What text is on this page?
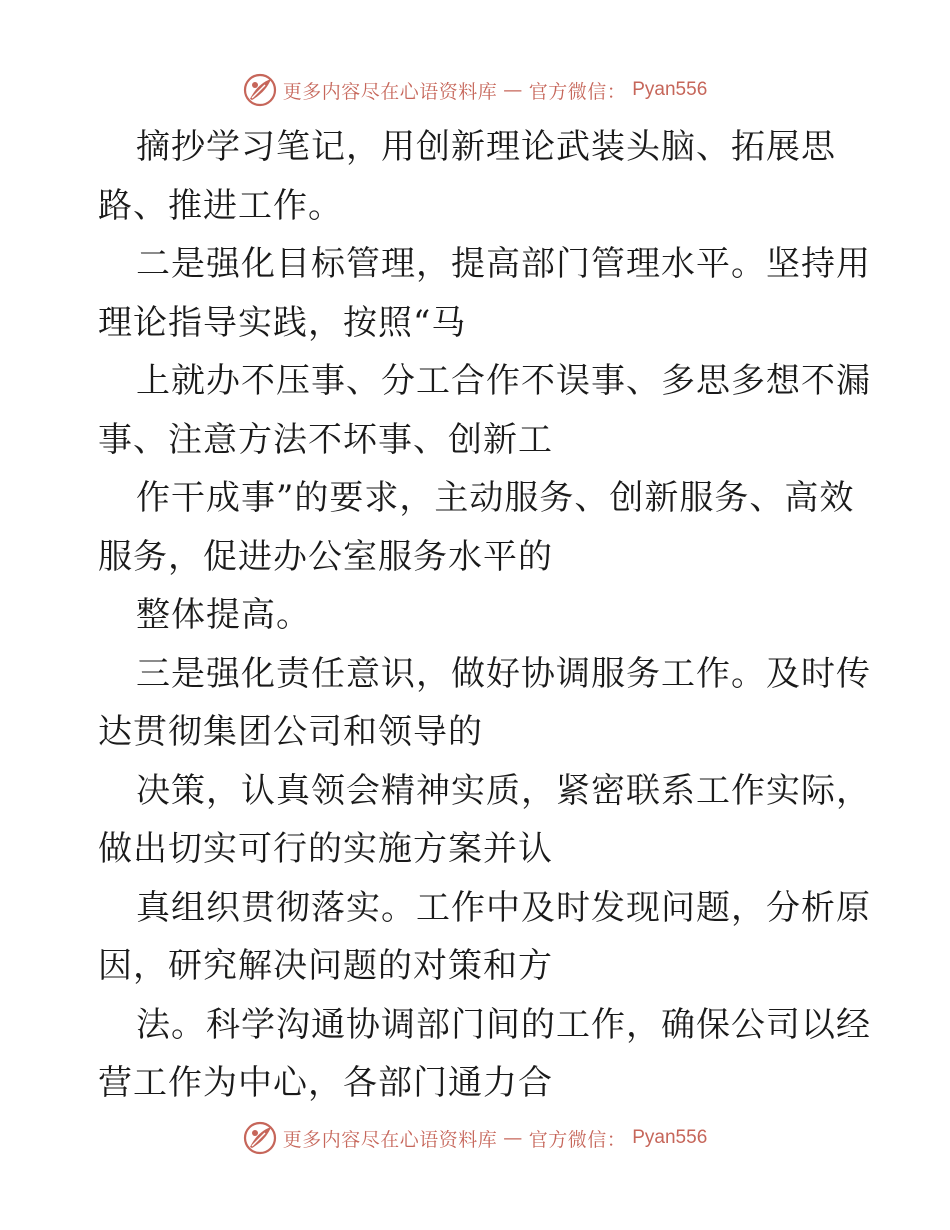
更多内容尽在心语资料库 — 官方微信： Pyan556
摘抄学习笔记，用创新理论武装头脑、拓展思
路、推进工作。
二是强化目标管理，提高部门管理水平。坚持用
理论指导实践，按照“马
上就办不压事、分工合作不误事、多思多想不漏
事、注意方法不坏事、创新工
作干成事”的要求，主动服务、创新服务、高效
服务，促进办公室服务水平的
整体提高。
三是强化责任意识，做好协调服务工作。及时传
达贯彻集团公司和领导的
决策，认真领会精神实质，紧密联系工作实际，
做出切实可行的实施方案并认
真组织贯彻落实。工作中及时发现问题，分析原
因，研究解决问题的对策和方
法。科学沟通协调部门间的工作，确保公司以经
营工作为中心，各部门通力合
更多内容尽在心语资料库 — 官方微信： Pyan556
